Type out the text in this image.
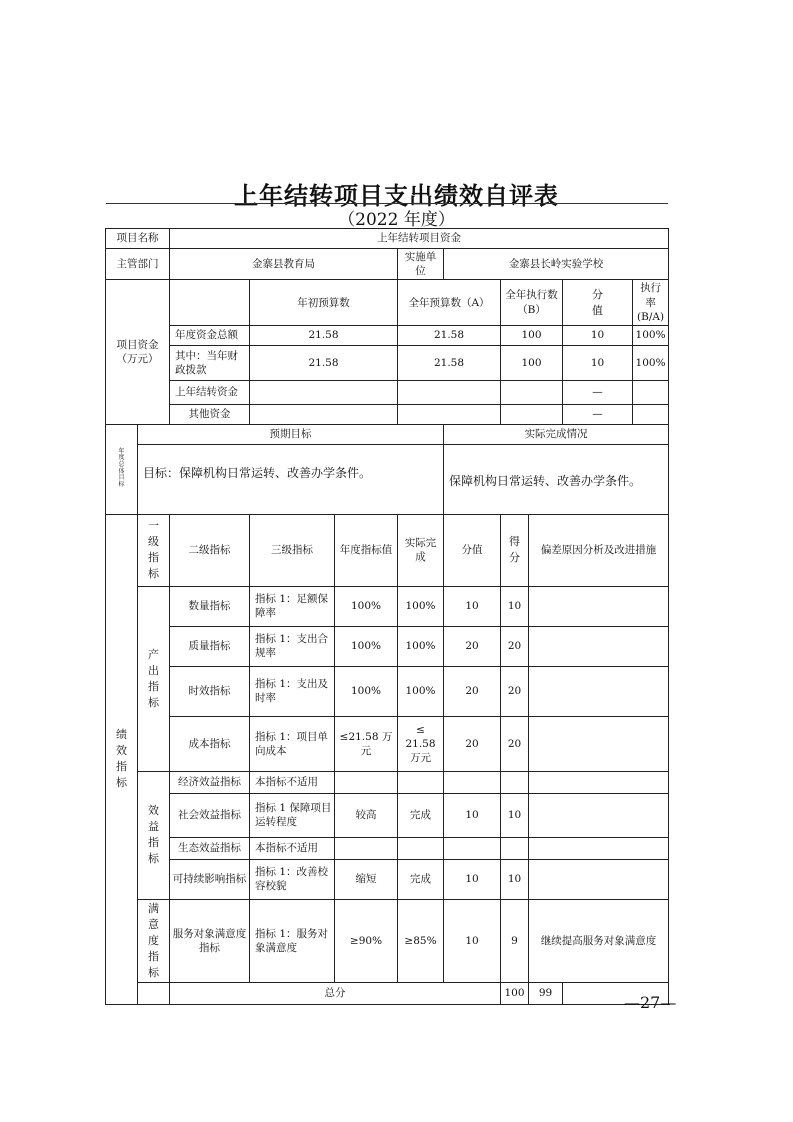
上年结转项目支出绩效自评表
（2022 年度）
项目名称		上年结转项目资金									
主管部门		金寨县教育局			实施单位	金寨县长岭实验学校					
项目资金（万元）			年初预算数		全年预算数（A）		全年执行数（B）		分值	执行率(B/A)	
		年度资金总额	21.58		21.58		100		10	100%	
		其中：当年财政拨款	21.58		21.58		100		10	100%	
		上年结转资金							—		
		其他资金							—		
年度总体目标	预期目标					实际完成情况					
	目标：保障机构日常运转、改善办学条件。					保障机构日常运转、改善办学条件。					
绩效指标	一级指标	二级指标	三级指标	年度指标值	实际完成	分值	得分	偏差原因分析及改进措施			
	产出指标	数量指标	指标 1：足额保障率	100%	100%	10	10				
		质量指标	指标 1：支出合规率	100%	100%	20	20				
		时效指标	指标 1：支出及时率	100%	100%	20	20				
		成本指标	指标 1：项目单向成本	≤21.58 万元	≤ 21.58 万元	20	20				
	效益指标	经济效益指标	本指标不适用								
		社会效益指标	指标 1 保障项目运转程度	较高	完成	10	10				
		生态效益指标	本指标不适用								
		可持续影响指标	指标 1：改善校容校貌	缩短	完成	10	10				
	满意度指标	服务对象满意度指标	指标 1：服务对象满意度	≥90%	≥85%	10	9	继续提高服务对象满意度			
		总分					100	99			
—27—
